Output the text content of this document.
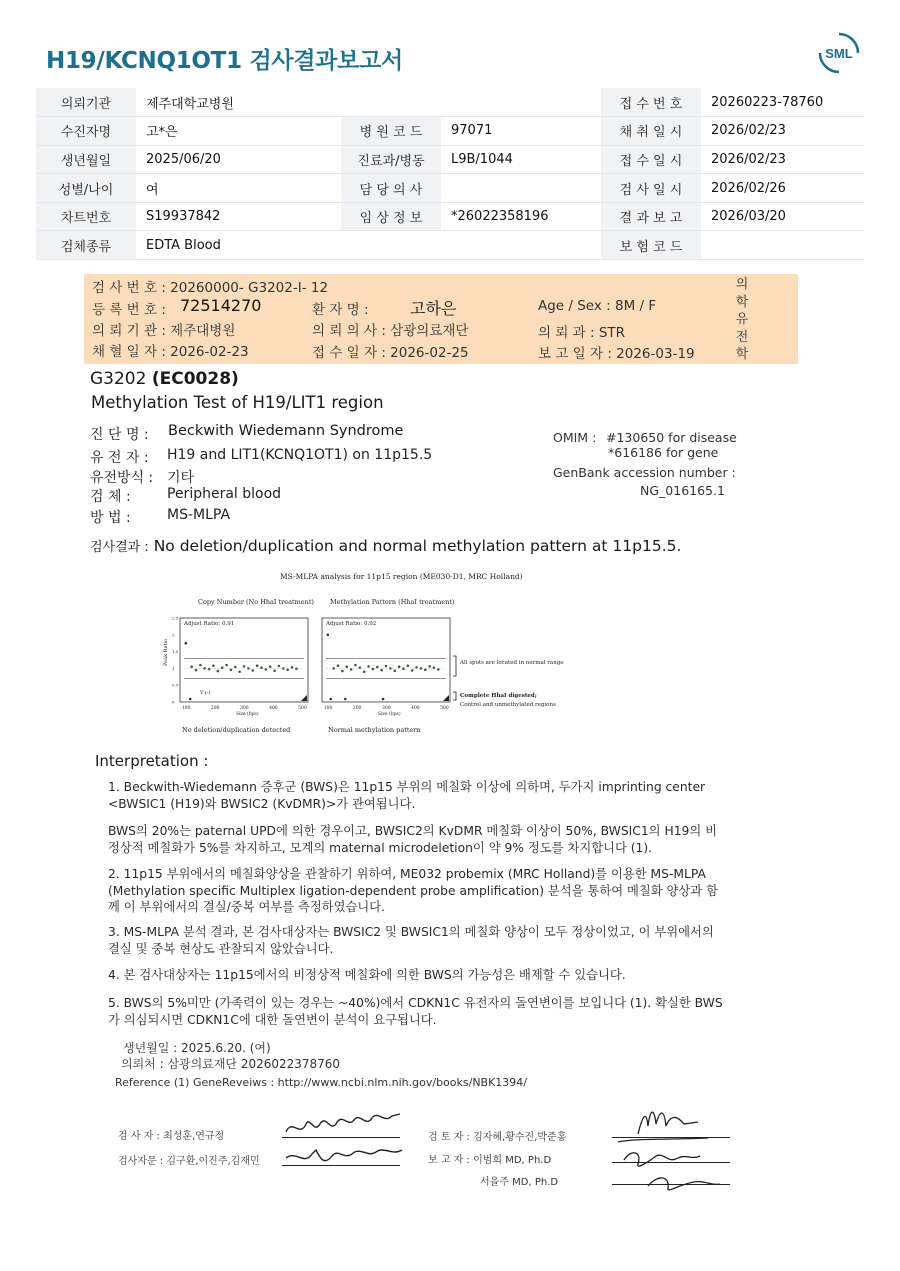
H19/KCNQ1OT1 검사결과보고서	SML
의뢰기관	제주대학교병원			접 수 번 호	20260223-78760
수진자명	고*은	병 원 코 드	97071	채 취 일 시	2026/02/23
생년월일	2025/06/20	진료과/병동	L9B/1044	접 수 일 시	2026/02/23
성별/나이	여	담 당 의 사		검 사 일 시	2026/02/26
차트번호	S19937842	임 상 정 보	*26022358196	결 과 보 고	2026/03/20
검체종류	EDTA Blood			보 험 코 드	
검 사 번 호 : 20260000- G3202-I- 12
등 록 번 호 : 72514270	환 자 명 :	고하은	Age / Sex : 8M / F
의 뢰 기 관 : 제주대병원	의 뢰 의 사 : 삼광의료재단	의 뢰 과 : STR
채 혈 일 자 : 2026-02-23	접 수 일 자 : 2026-02-25	보 고 일 자 : 2026-03-19
의
학
유
전
학
G3202 (EC0028)
Methylation Test of H19/LIT1 region
진 단 명 : Beckwith Wiedemann Syndrome
유 전 자 : H19 and LIT1(KCNQ1OT1) on 11p15.5
유전방식 : 기타
검 체 :	Peripheral blood
방 법 :	MS-MLPA
OMIM : #130650 for disease
*616186 for gene
GenBank accession number :
NG_016165.1
검사결과 : No deletion/duplication and normal methylation pattern at 11p15.5.
MS-MLPA analysis for 11p15 region (ME030-D1, MRC Holland)
Copy Number (No HhaI treatment) Methylation Pattern (HhaI treatment)
Adjust Ratio: 0.91
Y (-)
Peak Ratio
Size (bps)
100	200	300	400	500
2.5
2
1.5
1
0.5
0
Adjust Ratio: 0.92
Size (bps)
100	200	300	400	500
All spots are located in normal range
Complete HhaI digested;
Control and unmethylated regions
No deletion/duplication detected	Normal methylation pattern
Interpretation :
1. Beckwith-Wiedemann 증후군 (BWS)은 11p15 부위의 메칠화 이상에 의하며, 두가지 imprinting center <BWSIC1 (H19)와 BWSIC2 (KvDMR)>가 관여됩니다.
BWS의 20%는 paternal UPD에 의한 경우이고, BWSIC2의 KvDMR 메칠화 이상이 50%, BWSIC1의 H19의 비정상적 메칠화가 5%를 차지하고, 모계의 maternal microdeletion이 약 9% 정도를 차지합니다 (1).
2. 11p15 부위에서의 메칠화양상을 관찰하기 위하여, ME032 probemix (MRC Holland)를 이용한 MS-MLPA (Methylation specific Multiplex ligation-dependent probe amplification) 분석을 통하여 메칠화 양상과 함께 이 부위에서의 결실/중복 여부를 측정하였습니다.
3. MS-MLPA 분석 결과, 본 검사대상자는 BWSIC2 및 BWSIC1의 메칠화 양상이 모두 정상이었고, 이 부위에서의 결실 및 중복 현상도 관찰되지 않았습니다.
4. 본 검사대상자는 11p15에서의 비정상적 메칠화에 의한 BWS의 가능성은 배제할 수 있습니다.
5. BWS의 5%미만 (가족력이 있는 경우는 ~40%)에서 CDKN1C 유전자의 돌연변이를 보입니다 (1). 확실한 BWS가 의심되시면 CDKN1C에 대한 돌연변이 분석이 요구됩니다.
생년월일 : 2025.6.20. (여)
의뢰처 : 삼광의료재단 2026022378760
Reference (1) GeneReveiws : http://www.ncbi.nlm.nih.gov/books/NBK1394/
검 사 자 : 최성훈,연규정
검사자문 : 김구환,이진주,김재민
검 토 자 : 김자혜,황수진,박준홍
보 고 자 : 이범희 MD, Ph.D
서을주 MD, Ph.D
